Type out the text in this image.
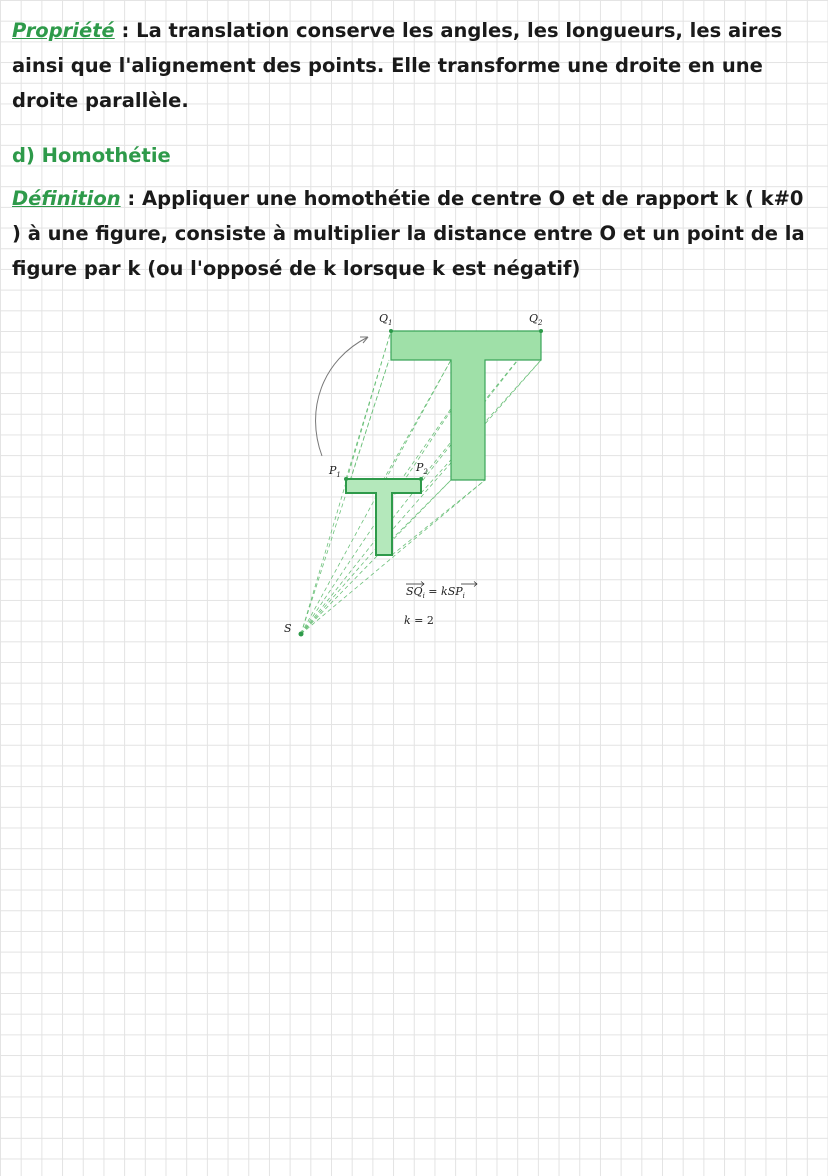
Propriété : La translation conserve les angles, les longueurs, les aires ainsi que l'alignement des points. Elle transforme une droite en une droite parallèle.

d) Homothétie

Définition : Appliquer une homothétie de centre O et de rapport k ( k#0 ) à une figure, consiste à multiplier la distance entre O et un point de la figure par k (ou l'opposé de k lorsque k est négatif)

$Q_1$	$Q_2$
$P_1$
$P_2$
S
$SQ_i = kSP_i$
k = 2
